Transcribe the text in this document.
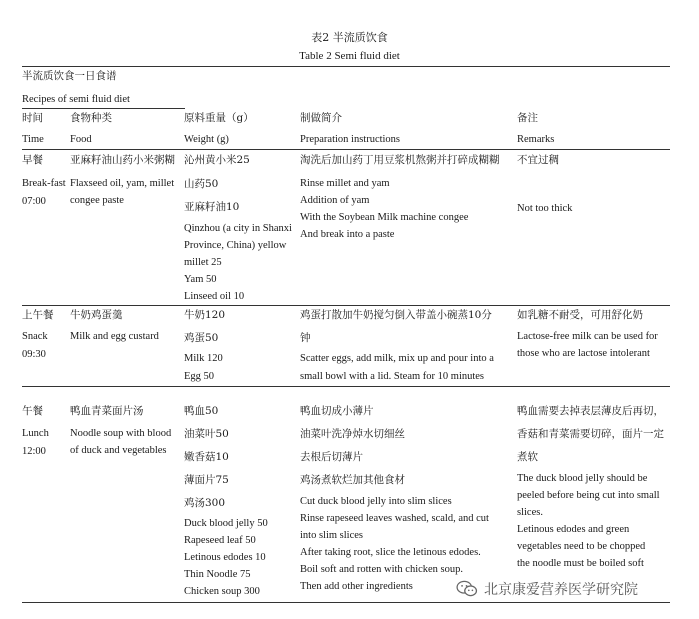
表2 半流质饮食
Table 2 Semi fluid diet
半流质饮食一日食谱
Recipes of semi fluid diet
时间
Time
食物种类
Food
原料重量（g）
Weight (g)
制做简介
Preparation instructions
备注
Remarks
早餐
Break-fast
07:00
亚麻籽油山药小米粥糊
Flaxseed oil, yam, millet
congee paste
沁州黄小米25
山药50
亚麻籽油10
Qinzhou (a city in Shanxi
Province, China) yellow
millet 25
Yam 50
Linseed oil 10
淘洗后加山药丁用豆浆机熬粥并打碎成糊糊
Rinse millet and yam
Addition of yam
With the Soybean Milk machine congee
And break into a paste
不宜过稠
Not too thick
上午餐
Snack
09:30
牛奶鸡蛋羹
Milk and egg custard
牛奶120
鸡蛋50
Milk 120
Egg 50
鸡蛋打散加牛奶搅匀倒入带盖小碗蒸10分
钟
Scatter eggs, add milk, mix up and pour into a
small bowl with a lid. Steam for 10 minutes
如乳糖不耐受，可用舒化奶
Lactose-free milk can be used for
those who are lactose intolerant
午餐
Lunch
12:00
鸭血青菜面片汤
Noodle soup with blood
of duck and vegetables
鸭血50
油菜叶50
嫩香菇10
薄面片75
鸡汤300
Duck blood jelly 50
Rapeseed leaf 50
Letinous edodes 10
Thin Noodle 75
Chicken soup 300
鸭血切成小薄片
油菜叶洗净焯水切细丝
去根后切薄片
鸡汤煮软烂加其他食材
Cut duck blood jelly into slim slices
Rinse rapeseed leaves washed, scald, and cut
into slim slices
After taking root, slice the letinous edodes.
Boil soft and rotten with chicken soup.
Then add other ingredients
鸭血需要去掉表层薄皮后再切，
香菇和青菜需要切碎，面片一定
煮软
The duck blood jelly should be
peeled before being cut into small
slices.
Letinous edodes and green
vegetables need to be chopped
the noodle must be boiled soft
北京康爱营养医学研究院
